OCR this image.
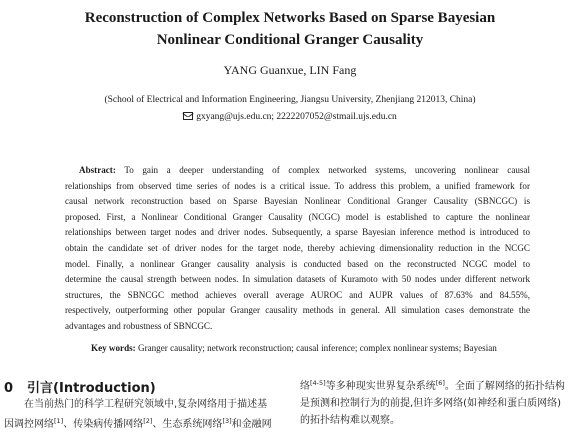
Reconstruction of Complex Networks Based on Sparse Bayesian
Nonlinear Conditional Granger Causality
YANG Guanxue, LIN Fang
(School of Electrical and Information Engineering, Jiangsu University, Zhenjiang 212013, China)
gxyang@ujs.edu.cn; 2222207052@stmail.ujs.edu.cn
Abstract: To gain a deeper understanding of complex networked systems, uncovering nonlinear causal
relationships from observed time series of nodes is a critical issue. To address this problem, a unified framework for
causal network reconstruction based on Sparse Bayesian Nonlinear Conditional Granger Causality (SBNCGC) is
proposed. First, a Nonlinear Conditional Granger Causality (NCGC) model is established to capture the nonlinear
relationships between target nodes and driver nodes. Subsequently, a sparse Bayesian inference method is introduced to
obtain the candidate set of driver nodes for the target node, thereby achieving dimensionality reduction in the NCGC
model. Finally, a nonlinear Granger causality analysis is conducted based on the reconstructed NCGC model to
determine the causal strength between nodes. In simulation datasets of Kuramoto with 50 nodes under different network
structures, the SBNCGC method achieves overall average AUROC and AUPR values of 87.63% and 84.55%,
respectively, outperforming other popular Granger causality methods in general. All simulation cases demonstrate the
advantages and robustness of SBNCGC.
Key words: Granger causality; network reconstruction; causal inference; complex nonlinear systems; Bayesian
0 引言(Introduction)
在当前热门的科学工程研究领域中,复杂网络用于描述基
因调控网络[1]、传染病传播网络[2]、生态系统网络[3]和金融网
络[4-5]等多种现实世界复杂系统[6]。全面了解网络的拓扑结构
是预测和控制行为的前提,但许多网络(如神经和蛋白质网络)
的拓扑结构难以观察。
